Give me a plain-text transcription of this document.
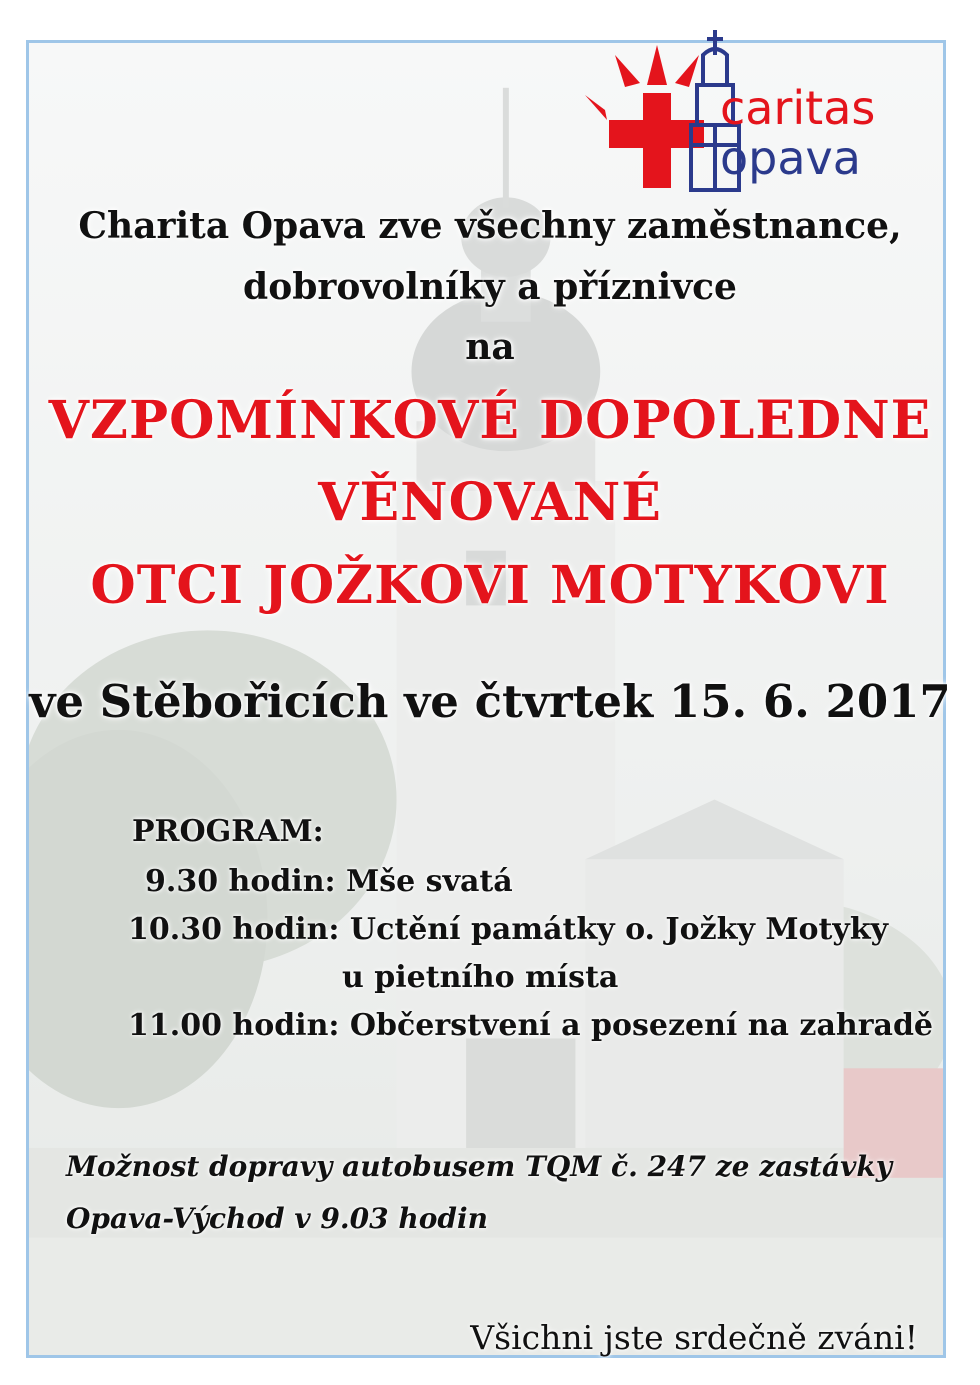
caritas
opava
Charita Opava zve všechny zaměstnance,
dobrovolníky a příznivce
na
VZPOMÍNKOVÉ DOPOLEDNE
VĚNOVANÉ
OTCI JOŽKOVI MOTYKOVI
ve Stěbořicích ve čtvrtek 15. 6. 2017
PROGRAM:
9.30 hodin: Mše svatá
10.30 hodin: Uctění památky o. Jožky Motyky
u pietního místa
11.00 hodin: Občerstvení a posezení na zahradě
Možnost dopravy autobusem TQM č. 247 ze zastávky
Opava-Východ v 9.03 hodin
Všichni jste srdečně zváni!
